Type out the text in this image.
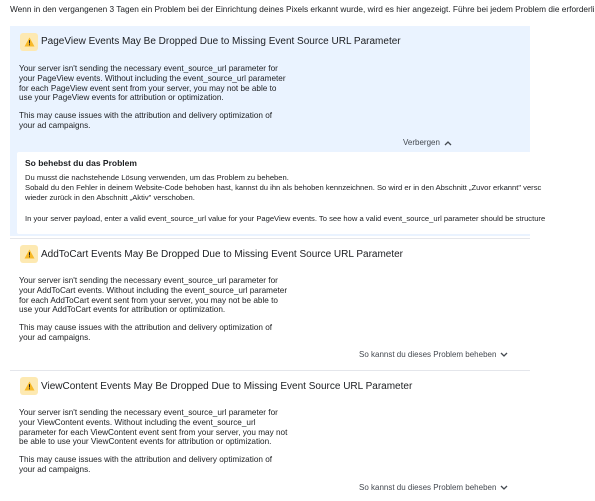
Wenn in den vergangenen 3 Tagen ein Problem bei der Einrichtung deines Pixels erkannt wurde, wird es hier angezeigt. Führe bei jedem Problem die erforderli
PageView Events May Be Dropped Due to Missing Event Source URL Parameter

Your server isn't sending the necessary event_source_url parameter for your PageView events. Without including the event_source_url parameter for each PageView event sent from your server, you may not be able to use your PageView events for attribution or optimization.

This may cause issues with the attribution and delivery optimization of your ad campaigns.

Verbergen
So behebst du das Problem
Du musst die nachstehende Lösung verwenden, um das Problem zu beheben.
Sobald du den Fehler in deinem Website-Code behoben hast, kannst du ihn als behoben kennzeichnen. So wird er in den Abschnitt „Zuvor erkannt" versc
wieder zurück in den Abschnitt „Aktiv" verschoben.
In your server payload, enter a valid event_source_url value for your PageView events. To see how a valid event_source_url parameter should be structure
AddToCart Events May Be Dropped Due to Missing Event Source URL Parameter

Your server isn't sending the necessary event_source_url parameter for your AddToCart events. Without including the event_source_url parameter for each AddToCart event sent from your server, you may not be able to use your AddToCart events for attribution or optimization.

This may cause issues with the attribution and delivery optimization of your ad campaigns.

So kannst du dieses Problem beheben
ViewContent Events May Be Dropped Due to Missing Event Source URL Parameter

Your server isn't sending the necessary event_source_url parameter for your ViewContent events. Without including the event_source_url parameter for each ViewContent event sent from your server, you may not be able to use your ViewContent events for attribution or optimization.

This may cause issues with the attribution and delivery optimization of your ad campaigns.

So kannst du dieses Problem beheben
